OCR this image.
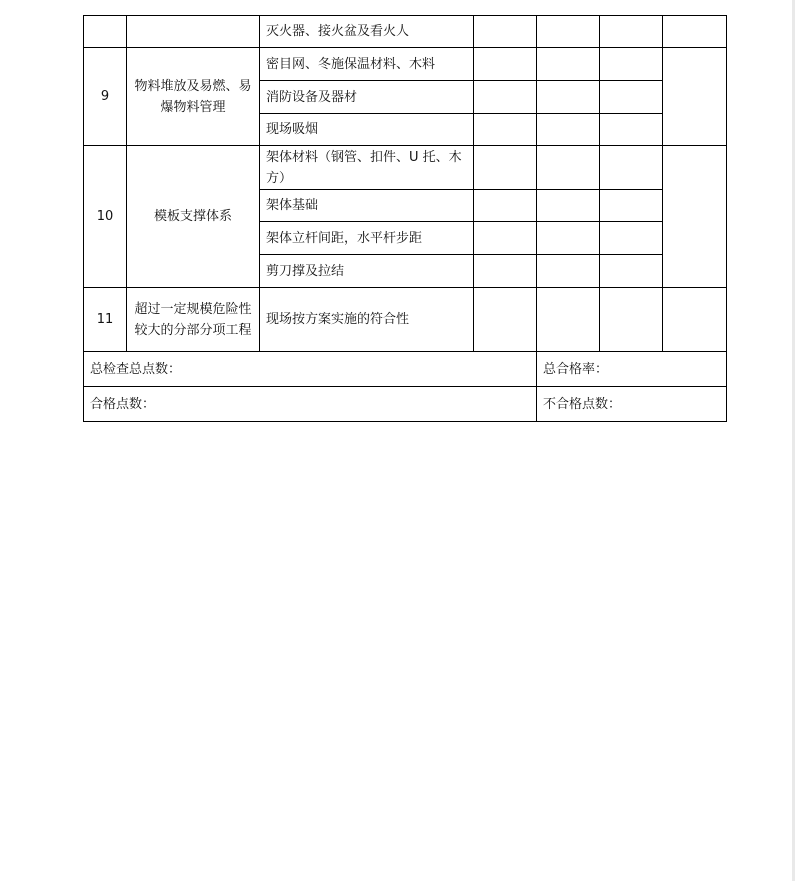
		灭火器、接火盆及看火人				
9	物料堆放及易燃、易爆物料管理	密目网、冬施保温材料、木料				
		消防设备及器材				
		现场吸烟				
10	模板支撑体系	架体材料（钢管、扣件、U 托、木方）				
		架体基础				
		架体立杆间距，水平杆步距				
		剪刀撑及拉结				
11	超过一定规模危险性较大的分部分项工程	现场按方案实施的符合性				
总检查总点数：				总合格率：		
合格点数：				不合格点数：		
